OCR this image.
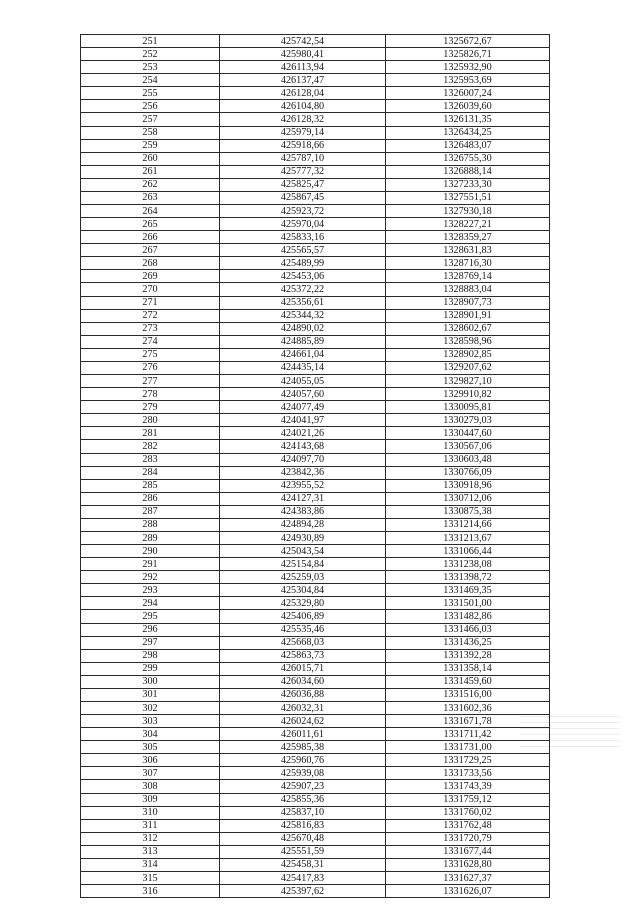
251	425742,54	1325672,67
252	425980,41	1325826,71
253	426113,94	1325932,90
254	426137,47	1325953,69
255	426128,04	1326007,24
256	426104,80	1326039,60
257	426128,32	1326131,35
258	425979,14	1326434,25
259	425918,66	1326483,07
260	425787,10	1326755,30
261	425777,32	1326888,14
262	425825,47	1327233,30
263	425867,45	1327551,51
264	425923,72	1327930,18
265	425970,04	1328227,21
266	425833,16	1328359,27
267	425565,57	1328631,83
268	425489,99	1328716,30
269	425453,06	1328769,14
270	425372,22	1328883,04
271	425356,61	1328907,73
272	425344,32	1328901,91
273	424890,02	1328602,67
274	424885,89	1328598,96
275	424661,04	1328902,85
276	424435,14	1329207,62
277	424055,05	1329827,10
278	424057,60	1329910,82
279	424077,49	1330095,81
280	424041,97	1330279,03
281	424021,26	1330447,60
282	424143,68	1330567,06
283	424097,70	1330603,48
284	423842,36	1330766,09
285	423955,52	1330918,96
286	424127,31	1330712,06
287	424383,86	1330875,38
288	424894,28	1331214,66
289	424930,89	1331213,67
290	425043,54	1331066,44
291	425154,84	1331238,08
292	425259,03	1331398,72
293	425304,84	1331469,35
294	425329,80	1331501,00
295	425406,89	1331482,86
296	425535,46	1331466,03
297	425668,03	1331436,25
298	425863,73	1331392,28
299	426015,71	1331358,14
300	426034,60	1331459,60
301	426036,88	1331516,00
302	426032,31	1331602,36
303	426024,62	1331671,78
304	426011,61	1331711,42
305	425985,38	1331731,00
306	425960,76	1331729,25
307	425939,08	1331733,56
308	425907,23	1331743,39
309	425855,36	1331759,12
310	425837,10	1331760,02
311	425816,83	1331762,48
312	425670,48	1331720,79
313	425551,59	1331677,44
314	425458,31	1331628,80
315	425417,83	1331627,37
316	425397,62	1331626,07
